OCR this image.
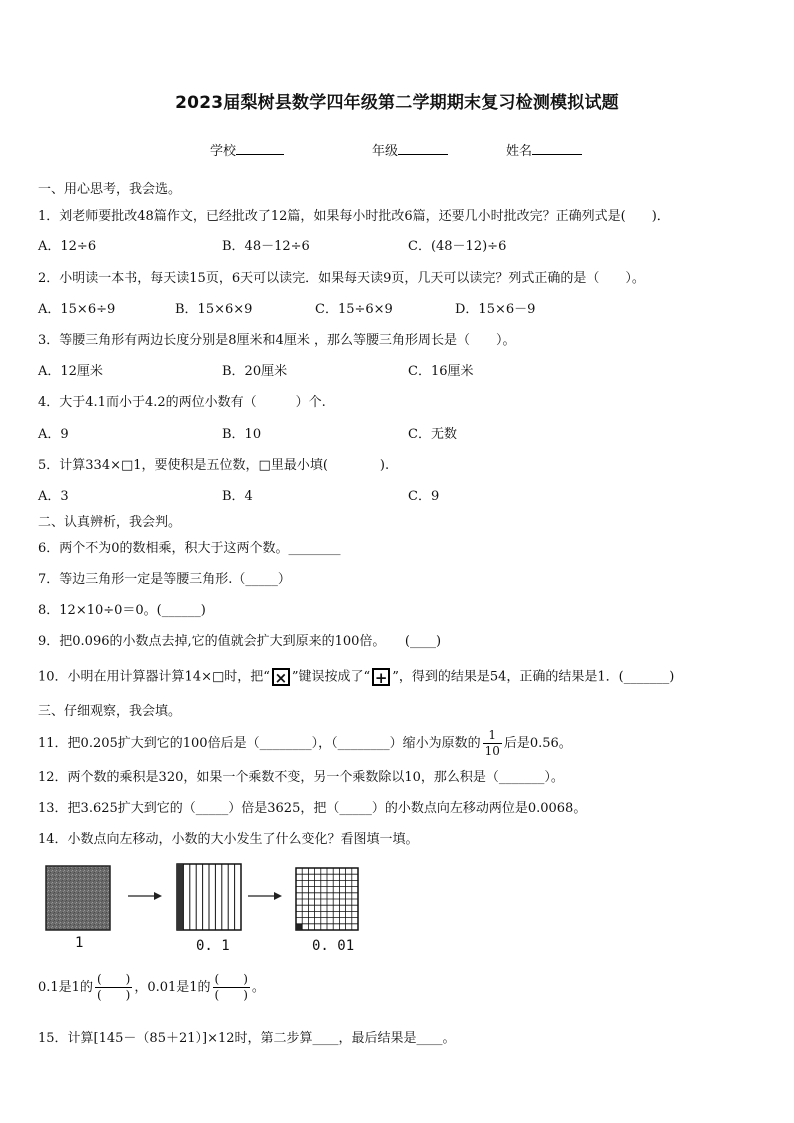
2023届梨树县数学四年级第二学期期末复习检测模拟试题
学校	年级	姓名
一、用心思考，我会选。
1．刘老师要批改48篇作文，已经批改了12篇，如果每小时批改6篇，还要几小时批改完？正确列式是(　　)．
A．12÷6	B．48－12÷6	C．(48－12)÷6
2．小明读一本书，每天读15页，6天可以读完．如果每天读9页，几天可以读完？列式正确的是（　　）。
A．15×6÷9	B．15×6×9	C．15÷6×9	D．15×6－9
3．等腰三角形有两边长度分别是8厘米和4厘米 ，那么等腰三角形周长是（　　）。
A．12厘米	B．20厘米	C．16厘米
4．大于4.1而小于4.2的两位小数有（　　　）个.
A．9	B．10	C．无数
5．计算334×□1，要使积是五位数，□里最小填(　　　　).
A．3	B．4	C．9
二、认真辨析，我会判。
6．两个不为0的数相乘，积大于这两个数。________
7．等边三角形一定是等腰三角形.（_____）
8．12×10÷0＝0。(______)
9．把0.096的小数点去掉,它的值就会扩大到原来的100倍。　　(____)
10．小明在用计算器计算14×□时，把“ × ”键误按成了“ + ”，得到的结果是54，正确的结果是1．(_______)
三、仔细观察，我会填。
11．把0.205扩大到它的100倍后是（________），（________）缩小为原数的 $\frac{1}{10}$ 后是0.56。
12．两个数的乘积是320，如果一个乘数不变，另一个乘数除以10，那么积是（_______）。
13．把3.625扩大到它的（_____）倍是3625，把（_____）的小数点向左移动两位是0.0068。
14．小数点向左移动，小数的大小发生了什么变化？看图填一填。
1	0. 1	0. 01
0.1是1的 $\frac{( )}{( )}$ ，0.01是1的 $\frac{( )}{( )}$ 。
15．计算[145－（85＋21）]×12时，第二步算____，最后结果是____。
